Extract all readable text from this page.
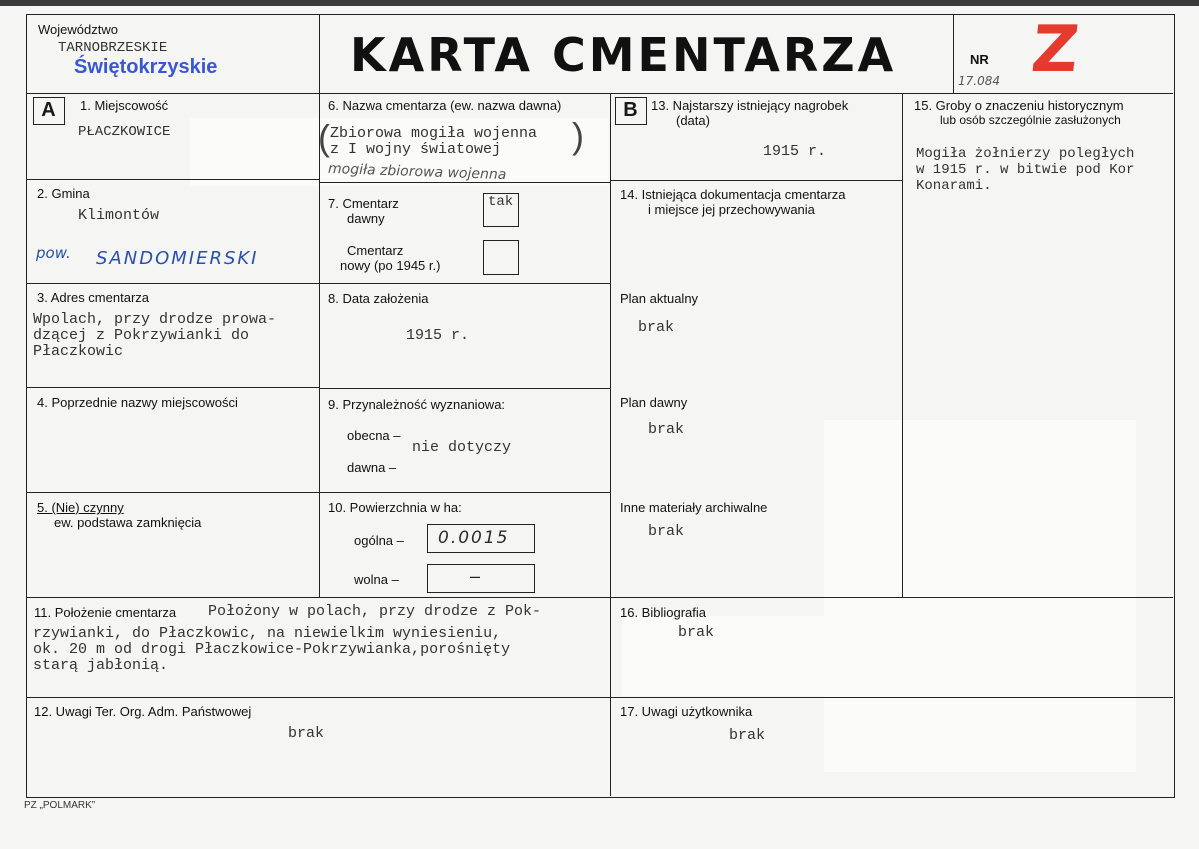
Województwo
TARNOBRZESKIE
Świętokrzyskie	KARTA CMENTARZA	NR Z
17.084
A	B
1. Miejscowość
PŁACZKOWICE
2. Gmina
Klimontów
pow. SANDOMIERSKI
3. Adres cmentarza
Wpolach, przy drodze prowa-
dzącej z Pokrzywianki do
Płaczkowic
4. Poprzednie nazwy miejscowości
5. (Nie) czynny
ew. podstawa zamknięcia
6. Nazwa cmentarza (ew. nazwa dawna)
Zbiorowa mogiła wojenna
z I wojny światowej
(	)
mogiła zbiorowa wojenna
7. Cmentarz
dawny
tak
Cmentarz
nowy (po 1945 r.)
8. Data założenia
1915 r.
9. Przynależność wyznaniowa:
obecna –
nie dotyczy
dawna –
10. Powierzchnia w ha:
ogólna – 0.0015
wolna –	–
11. Położenie cmentarza Położony w polach, przy drodze z Pok-
rzywianki, do Płaczkowic, na niewielkim wyniesieniu,
ok. 20 m od drogi Płaczkowice-Pokrzywianka,porośnięty
starą jabłonią.
12. Uwagi Ter. Org. Adm. Państwowej
brak
13. Najstarszy istniejący nagrobek
(data)
1915 r.
14. Istniejąca dokumentacja cmentarza
i miejsce jej przechowywania
Plan aktualny
brak
Plan dawny
brak
Inne materiały archiwalne
brak
15. Groby o znaczeniu historycznym
lub osób szczególnie zasłużonych
Mogiła żołnierzy poległych
w 1915 r. w bitwie pod Kor
Konarami.
16. Bibliografia
brak
17. Uwagi użytkownika
brak
PZ „POLMARK”
